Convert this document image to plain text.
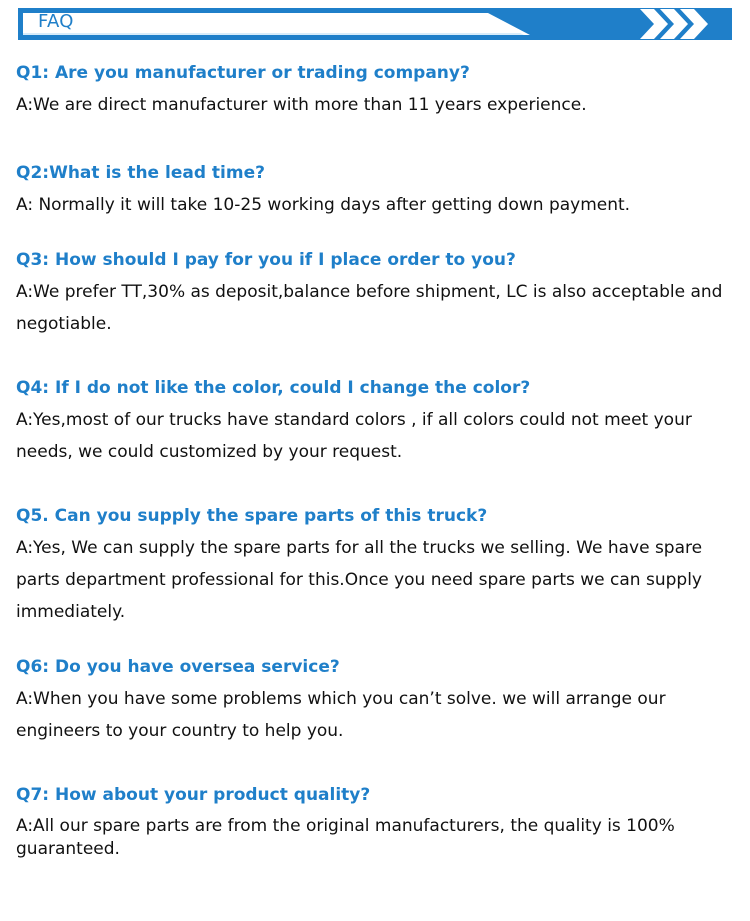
FAQ

Q1: Are you manufacturer or trading company?

A:We are direct manufacturer with more than 11 years experience.

Q2:What is the lead time?

A: Normally it will take 10-25 working days after getting down payment.

Q3: How should I pay for you if I place order to you?

A:We prefer TT,30% as deposit,balance before shipment, LC is also acceptable and negotiable.

Q4: If I do not like the color, could I change the color?

A:Yes,most of our trucks have standard colors , if all colors could not meet your needs, we could customized by your request.

Q5. Can you supply the spare parts of this truck?

A:Yes, We can supply the spare parts for all the trucks we selling. We have spare parts department professional for this.Once you need spare parts we can supply immediately.

Q6: Do you have oversea service?

A:When you have some problems which you can’t solve. we will arrange our engineers to your country to help you.

Q7: How about your product quality?

A:All our spare parts are from the original manufacturers, the quality is 100% guaranteed.
